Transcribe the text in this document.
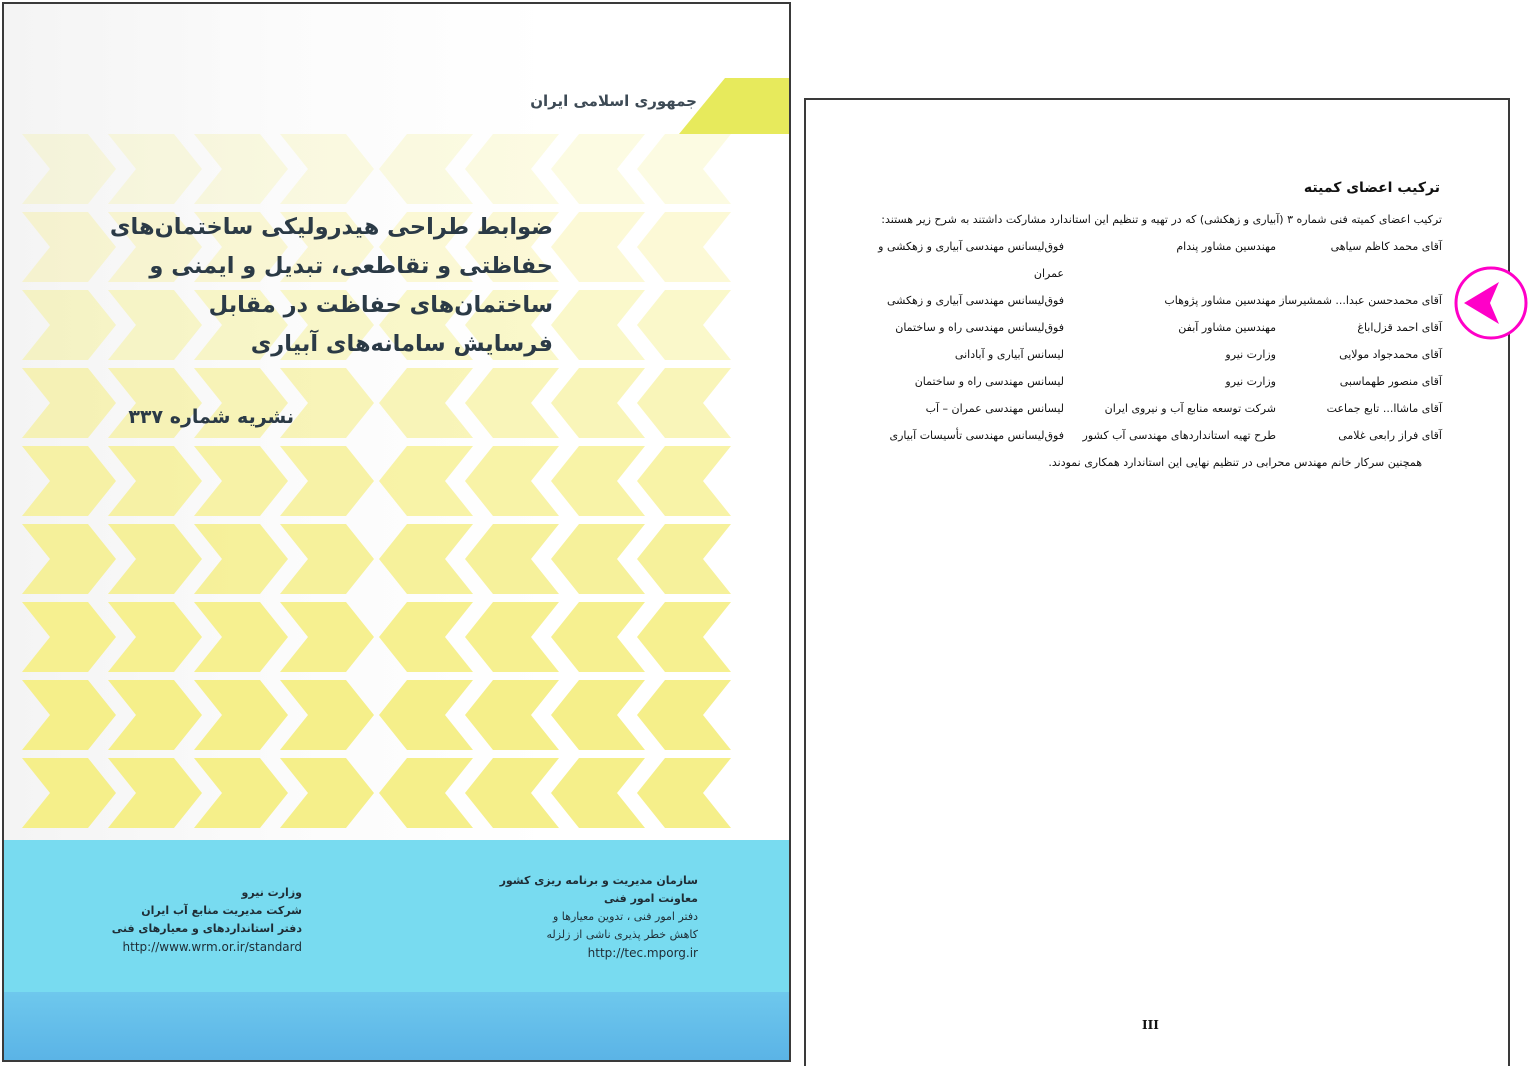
جمهوری اسلامی ایران
ضوابط طراحی هیدرولیکی ساختمان‌های
حفاظتی و تقاطعی، تبدیل و ایمنی و
ساختمان‌های حفاظت در مقابل
فرسایش سامانه‌های آبیاری
نشریه شماره ۳۳۷
سازمان مدیریت و برنامه ریزی کشور
معاونت امور فنی
دفتر امور فنی ، تدوین معیارها و
کاهش خطر پذیری ناشی از زلزله
http://tec.mporg.ir
وزارت نیرو
شرکت مدیریت منابع آب ایران
دفتر استانداردهای و معیارهای فنی
http://www.wrm.or.ir/standard
ترکیب اعضای کمیته
ترکیب اعضای کمیته فنی شماره ۳ (آبیاری و زهکشی) که در تهیه و تنظیم این استاندارد مشارکت داشتند به شرح زیر هستند:
آقای محمد کاظم سیاهی
مهندسین مشاور پندام
فوق‌لیسانس مهندسی آبیاری و زهکشی و
عمران
آقای محمدحسن عبدا... شمشیرساز
مهندسین مشاور پژوهاب
فوق‌لیسانس مهندسی آبیاری و زهکشی
آقای احمد قزل‌اباغ
مهندسین مشاور آبفن
فوق‌لیسانس مهندسی راه و ساختمان
آقای محمدجواد مولایی
وزارت نیرو
لیسانس آبیاری و آبادانی
آقای منصور طهماسبی
وزارت نیرو
لیسانس مهندسی راه و ساختمان
آقای ماشا‌ا... تابع جماعت
شرکت توسعه منابع آب و نیروی ایران
لیسانس مهندسی عمران – آب
آقای فراز رابعی غلامی
طرح تهیه استانداردهای مهندسی آب کشور
فوق‌لیسانس مهندسی تأسیسات آبیاری
همچنین سرکار خانم مهندس محرابی در تنظیم نهایی این استاندارد همکاری نمودند.
III
